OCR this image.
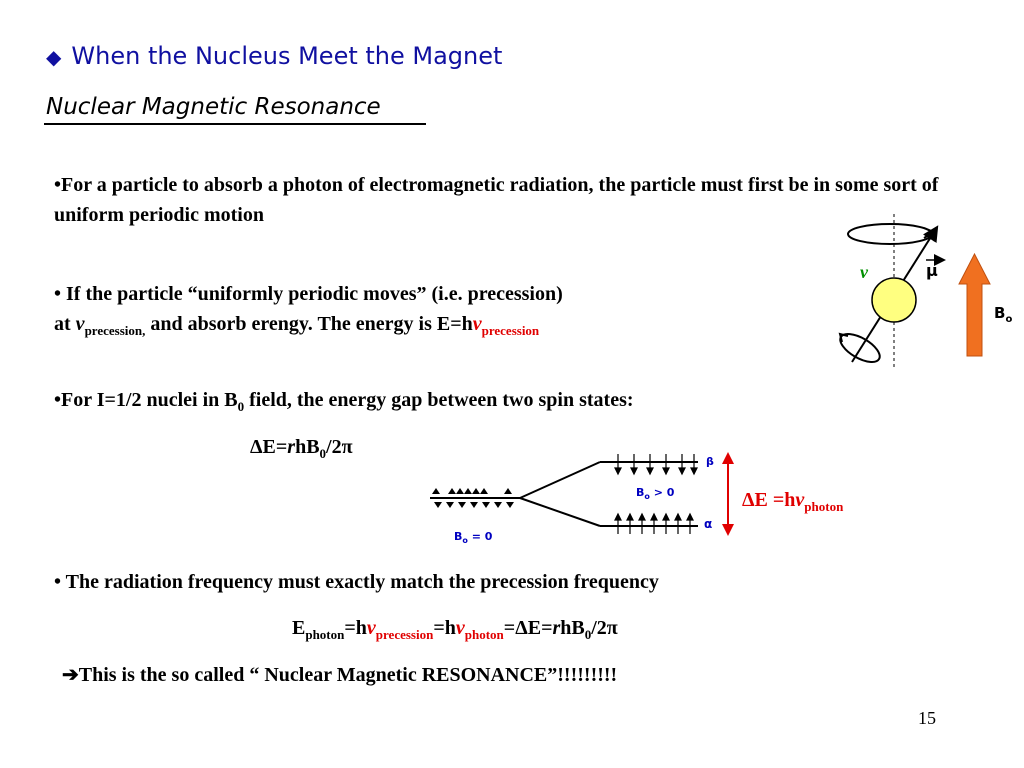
◆ When the Nucleus Meet the Magnet
Nuclear Magnetic Resonance
•For a particle to absorb a photon of electromagnetic radiation, the particle must first be in some sort of uniform periodic motion
• If the particle “uniformly periodic moves” (i.e. precession)
at $v_{precession,}$ and absorb erengy. The energy is $E=hv_{precession}$
•For I=1/2 nuclei in $B_0$ field, the energy gap between two spin states:
ΔE=rhB$_0$/2π
v	μ
$B_o$
β
α
$B_o > 0$
$B_o = 0$
$\Delta E =hv_{photon}$
• The radiation frequency must exactly match the precession frequency
$E_{photon}=hv_{precession}=hv_{photon}=\Delta E=rhB_0/2\pi$
➔This is the so called “ Nuclear Magnetic RESONANCE”!!!!!!!!!
15
